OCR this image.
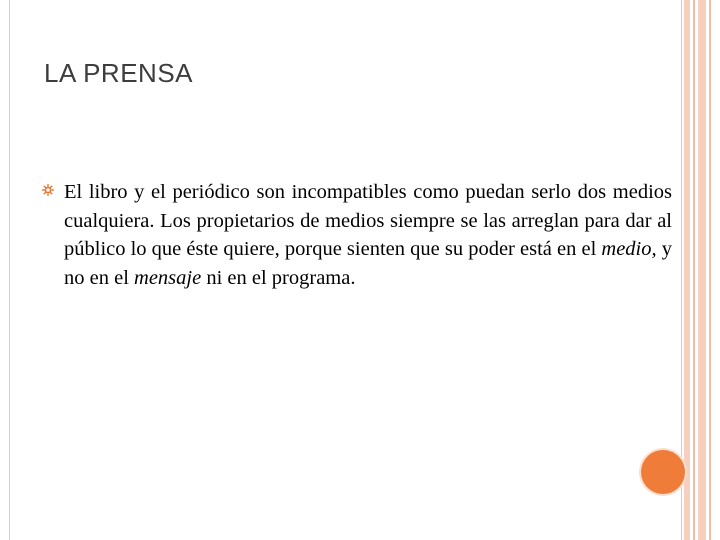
LA PRENSA
El libro y el periódico son incompatibles como puedan serlo dos medios cualquiera. Los propietarios de medios siempre se las arreglan para dar al público lo que éste quiere, porque sienten que su poder está en el medio, y no en el mensaje ni en el programa.
